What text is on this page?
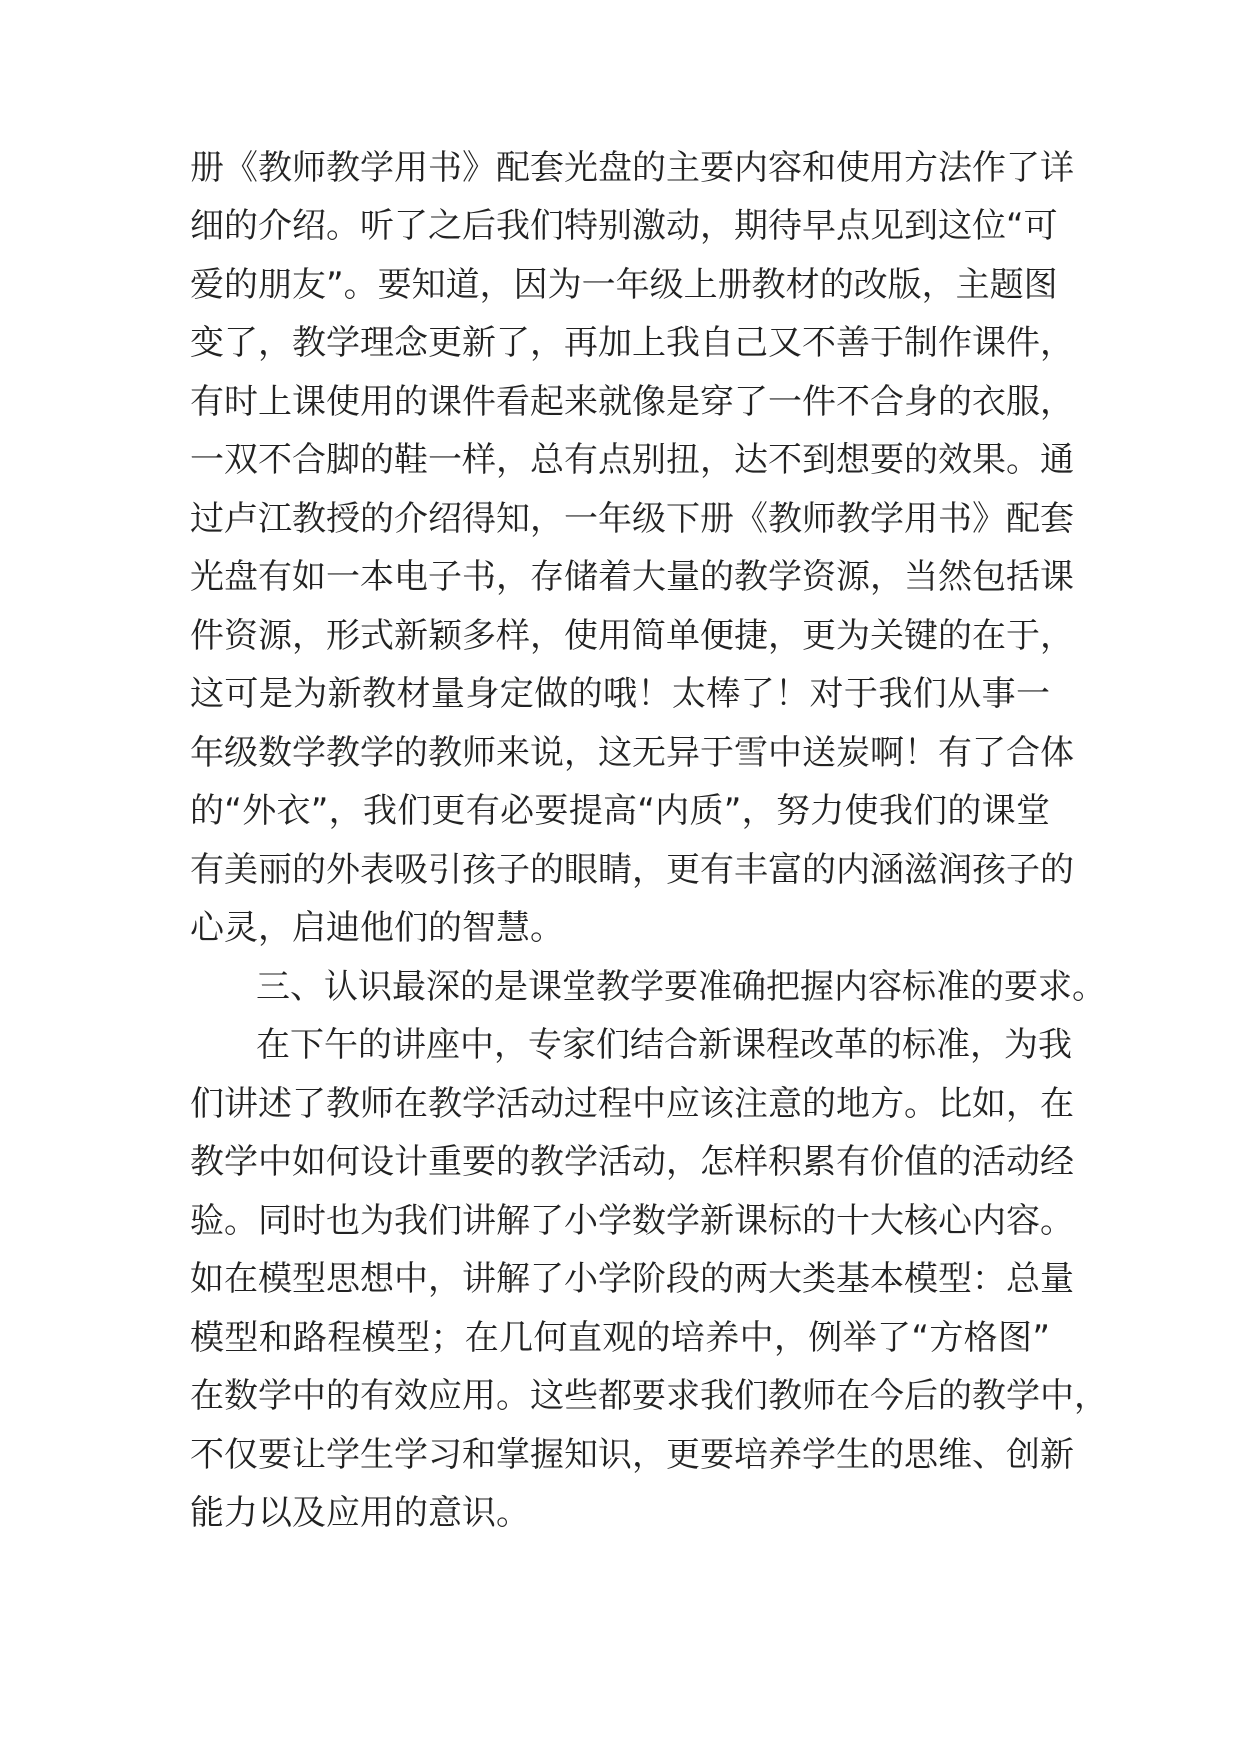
册《教师教学用书》配套光盘的主要内容和使用方法作了详
细的介绍。听了之后我们特别激动，期待早点见到这位“可
爱的朋友”。要知道，因为一年级上册教材的改版，主题图
变了，教学理念更新了，再加上我自己又不善于制作课件，
有时上课使用的课件看起来就像是穿了一件不合身的衣服，
一双不合脚的鞋一样，总有点别扭，达不到想要的效果。通
过卢江教授的介绍得知，一年级下册《教师教学用书》配套
光盘有如一本电子书，存储着大量的教学资源，当然包括课
件资源，形式新颖多样，使用简单便捷，更为关键的在于，
这可是为新教材量身定做的哦！太棒了！对于我们从事一
年级数学教学的教师来说，这无异于雪中送炭啊！有了合体
的“外衣”，我们更有必要提高“内质”，努力使我们的课堂
有美丽的外表吸引孩子的眼睛，更有丰富的内涵滋润孩子的
心灵，启迪他们的智慧。
三、认识最深的是课堂教学要准确把握内容标准的要求。
在下午的讲座中，专家们结合新课程改革的标准，为我
们讲述了教师在教学活动过程中应该注意的地方。比如，在
教学中如何设计重要的教学活动，怎样积累有价值的活动经
验。同时也为我们讲解了小学数学新课标的十大核心内容。
如在模型思想中，讲解了小学阶段的两大类基本模型：总量
模型和路程模型；在几何直观的培养中，例举了“方格图”
在数学中的有效应用。这些都要求我们教师在今后的教学中，
不仅要让学生学习和掌握知识，更要培养学生的思维、创新
能力以及应用的意识。
